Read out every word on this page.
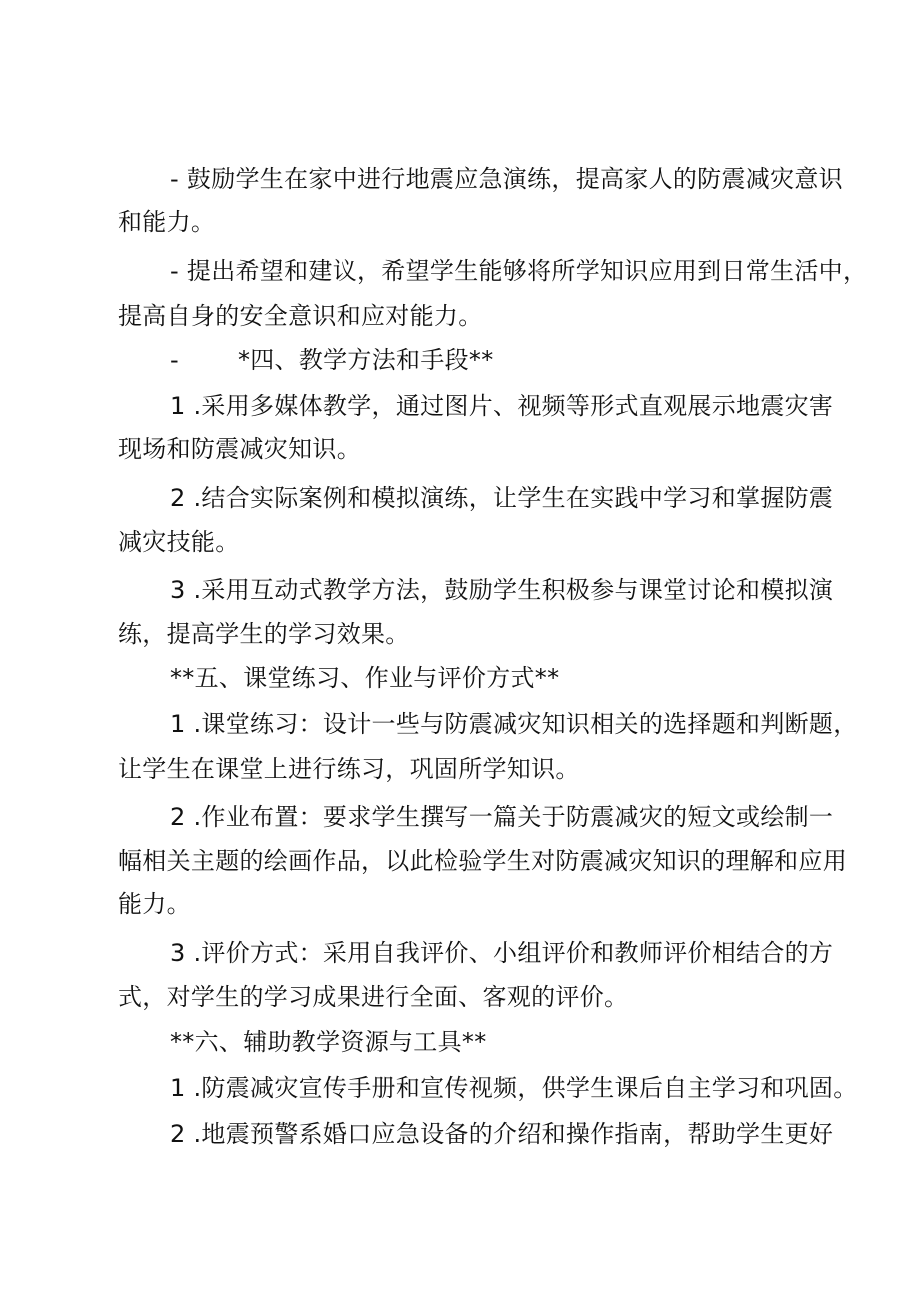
- 鼓励学生在家中进行地震应急演练，提高家人的防震减灾意识
和能力。
- 提出希望和建议，希望学生能够将所学知识应用到日常生活中，
提高自身的安全意识和应对能力。
- *四、教学方法和手段**
1 .采用多媒体教学，通过图片、视频等形式直观展示地震灾害
现场和防震减灾知识。
2 .结合实际案例和模拟演练，让学生在实践中学习和掌握防震
减灾技能。
3 .采用互动式教学方法，鼓励学生积极参与课堂讨论和模拟演
练，提高学生的学习效果。
**五、课堂练习、作业与评价方式**
1 .课堂练习：设计一些与防震减灾知识相关的选择题和判断题，
让学生在课堂上进行练习，巩固所学知识。
2 .作业布置：要求学生撰写一篇关于防震减灾的短文或绘制一
幅相关主题的绘画作品，以此检验学生对防震减灾知识的理解和应用
能力。
3 .评价方式：采用自我评价、小组评价和教师评价相结合的方
式，对学生的学习成果进行全面、客观的评价。
**六、辅助教学资源与工具**
1 .防震减灾宣传手册和宣传视频，供学生课后自主学习和巩固。
2 .地震预警系婚口应急设备的介绍和操作指南，帮助学生更好
